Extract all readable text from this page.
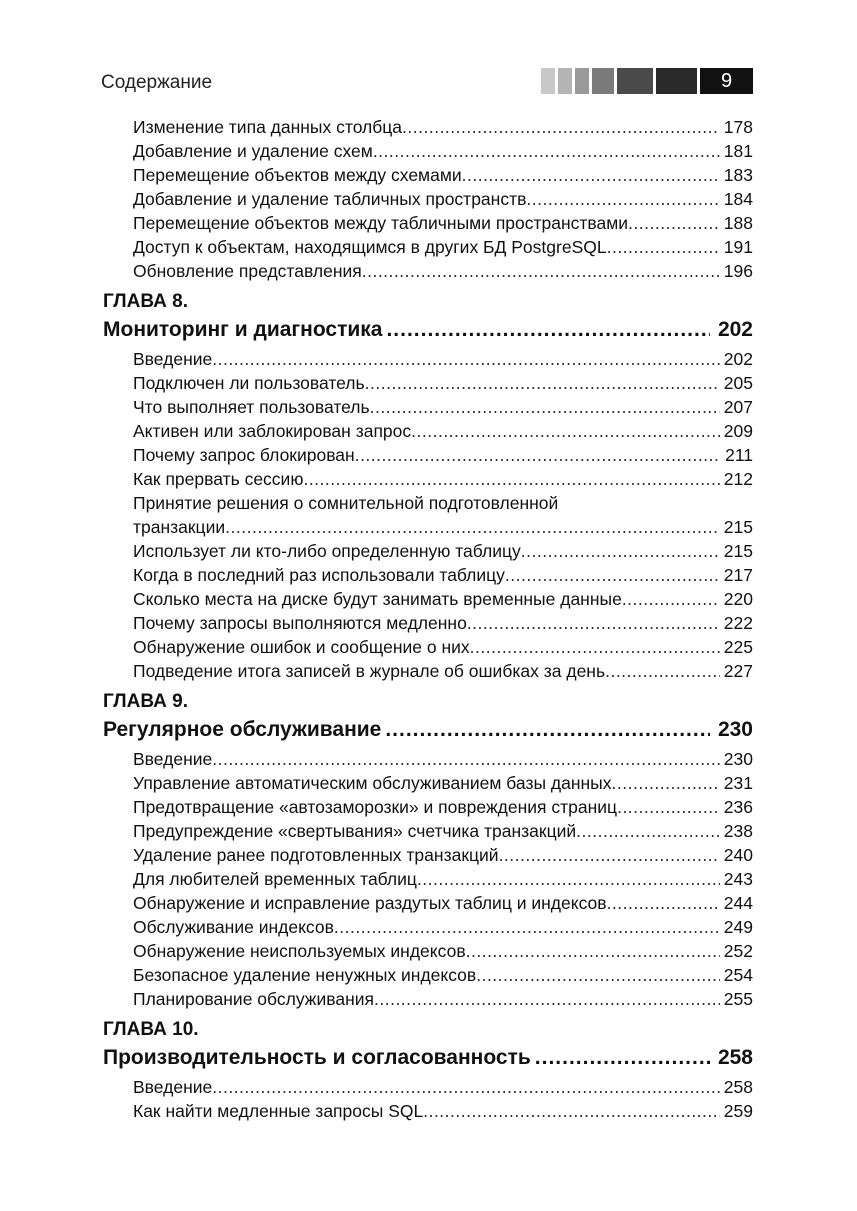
Содержание	9
Изменение типа данных столбца .....	178
Добавление и удаление схем .....	181
Перемещение объектов между схемами .....	183
Добавление и удаление табличных пространств .....	184
Перемещение объектов между табличными пространствами .....	188
Доступ к объектам, находящимся в других БД PostgreSQL .....	191
Обновление представления .....	196
ГЛАВА 8.
Мониторинг и диагностика .....	202
Введение .....	202
Подключен ли пользователь .....	205
Что выполняет пользователь .....	207
Активен или заблокирован запрос .....	209
Почему запрос блокирован .....	211
Как прервать сессию .....	212
Принятие решения о сомнительной подготовленной
транзакции .....	215
Использует ли кто-либо определенную таблицу .....	215
Когда в последний раз использовали таблицу .....	217
Сколько места на диске будут занимать временные данные .....	220
Почему запросы выполняются медленно .....	222
Обнаружение ошибок и сообщение о них .....	225
Подведение итога записей в журнале об ошибках за день .....	227
ГЛАВА 9.
Регулярное обслуживание .....	230
Введение .....	230
Управление автоматическим обслуживанием базы данных .....	231
Предотвращение «автозаморозки» и повреждения страниц .....	236
Предупреждение «свертывания» счетчика транзакций .....	238
Удаление ранее подготовленных транзакций .....	240
Для любителей временных таблиц .....	243
Обнаружение и исправление раздутых таблиц и индексов .....	244
Обслуживание индексов .....	249
Обнаружение неиспользуемых индексов .....	252
Безопасное удаление ненужных индексов .....	254
Планирование обслуживания .....	255
ГЛАВА 10.
Производительность и согласованность .....	258
Введение .....	258
Как найти медленные запросы SQL .....	259
